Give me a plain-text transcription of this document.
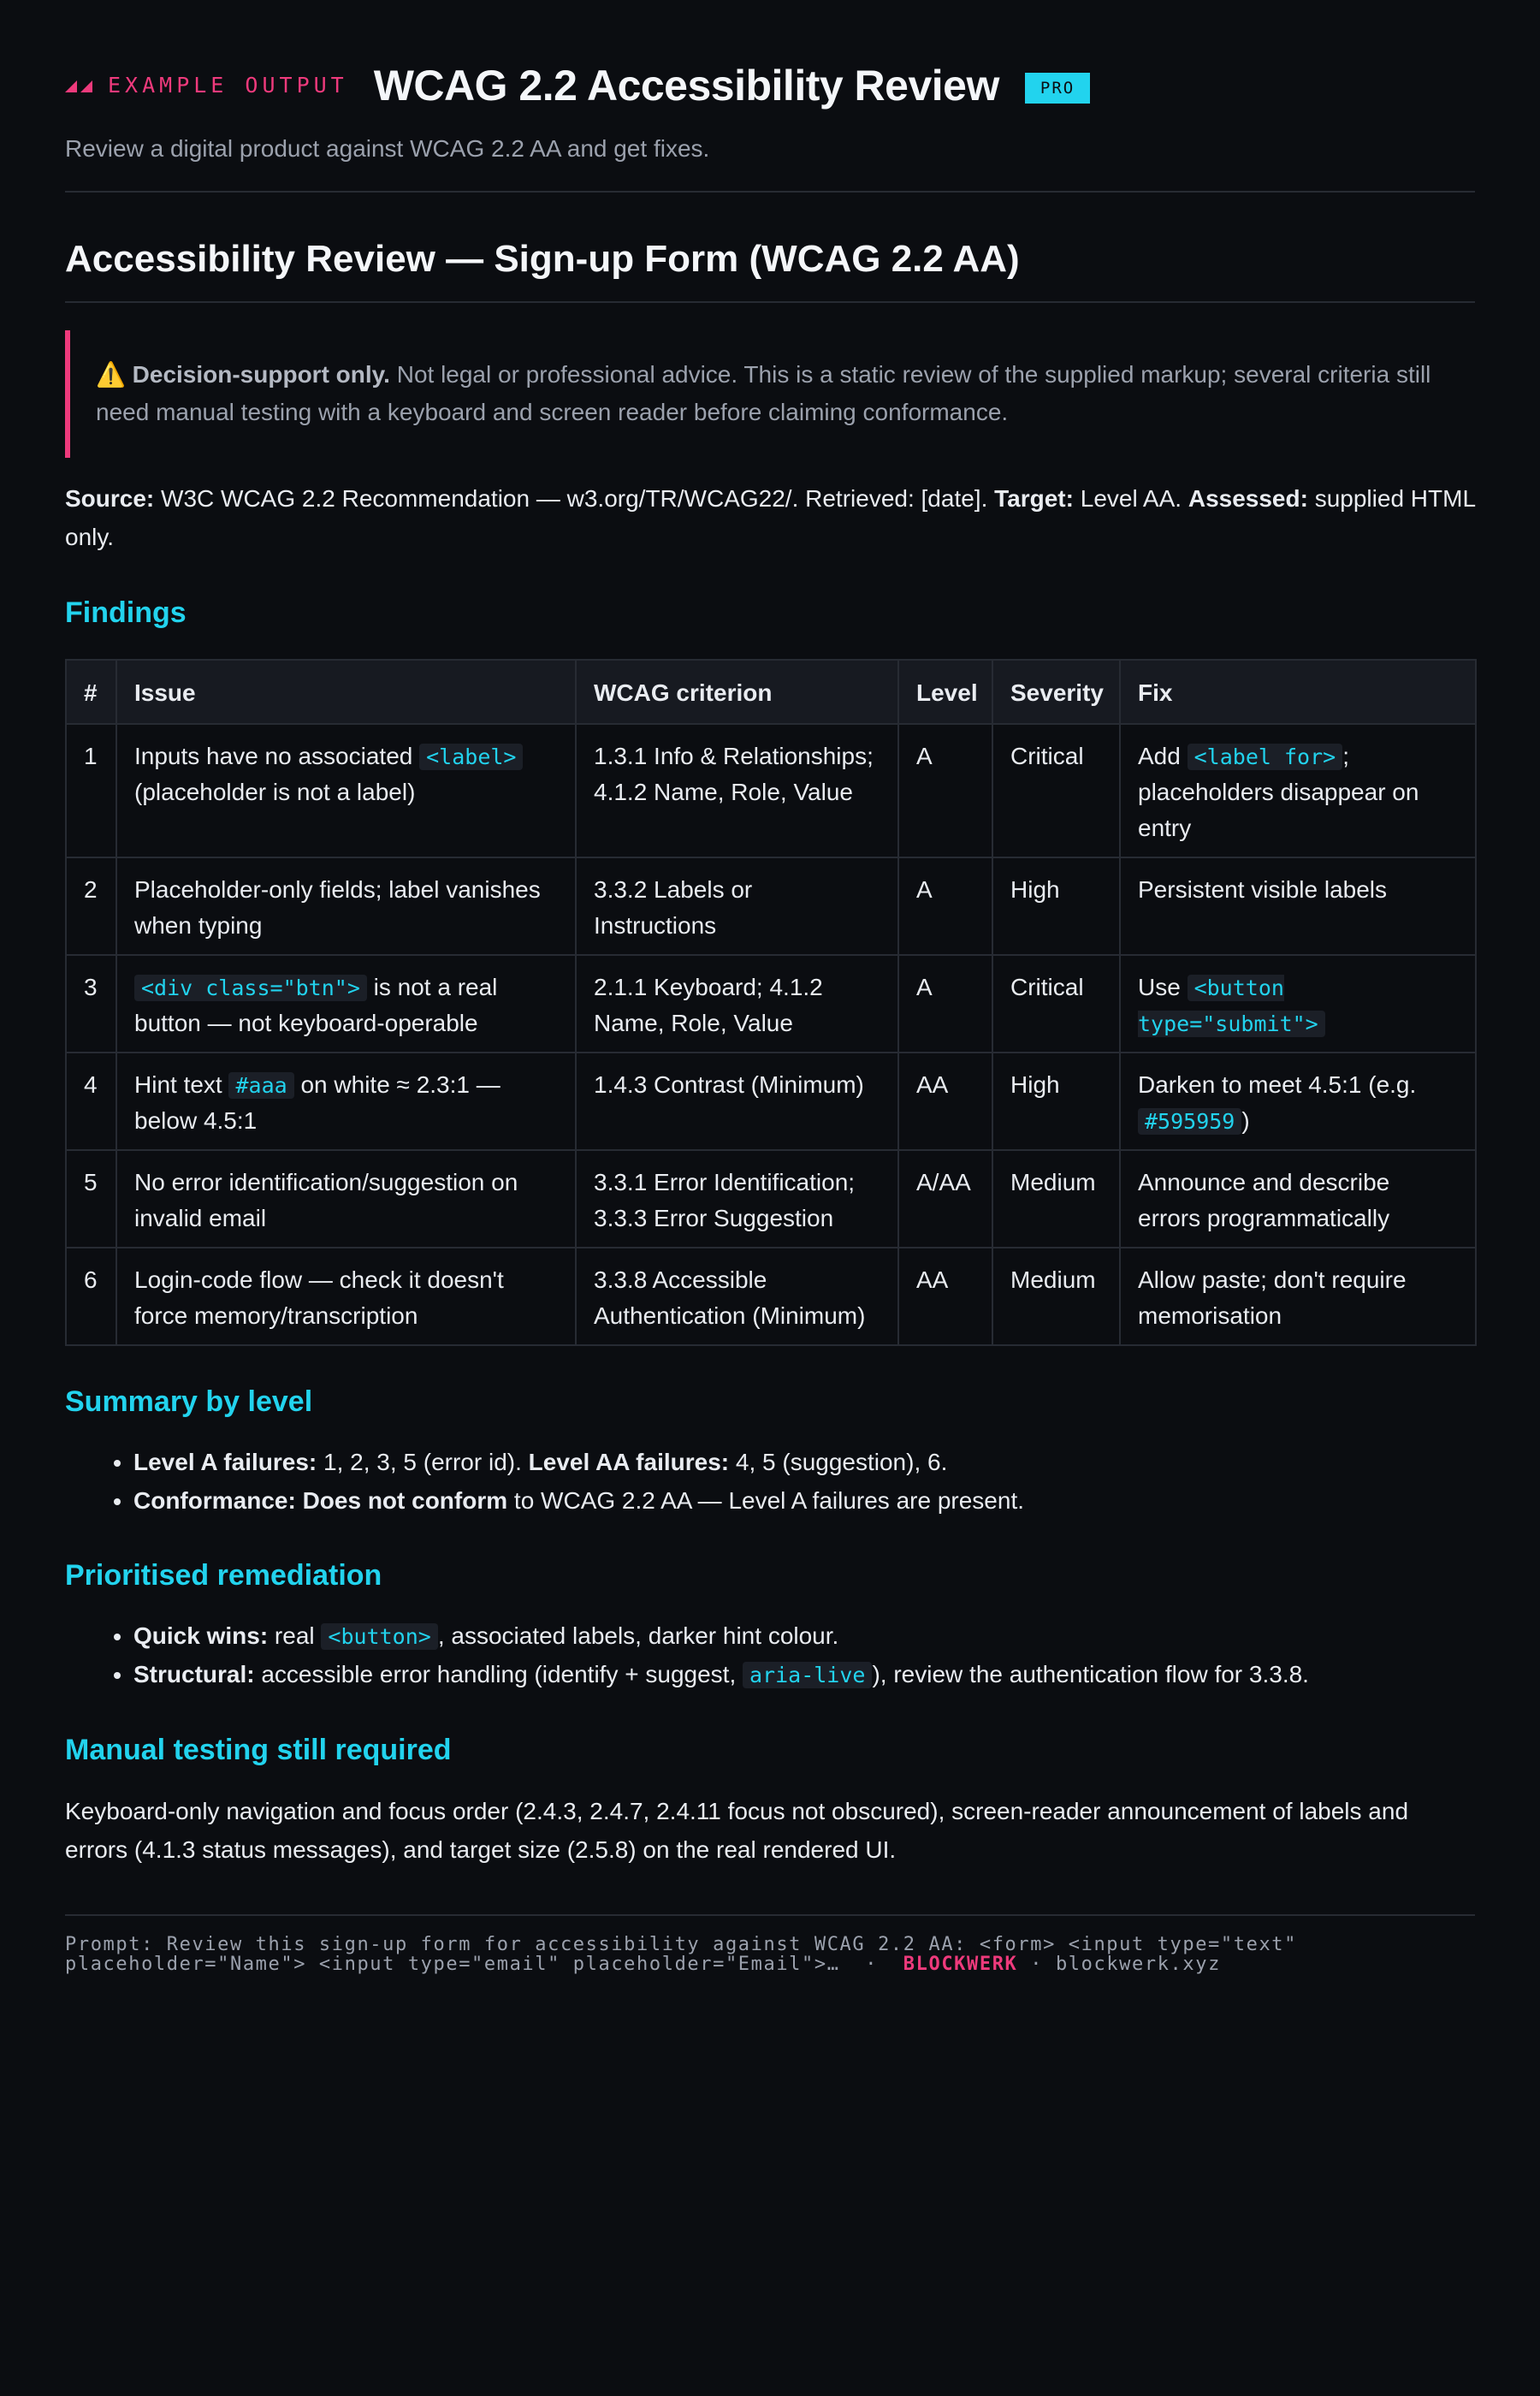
EXAMPLE OUTPUT WCAG 2.2 Accessibility Review	PRO
Review a digital product against WCAG 2.2 AA and get fixes.
Accessibility Review — Sign-up Form (WCAG 2.2 AA)
⚠️ Decision-support only. Not legal or professional advice. This is a static review of the supplied markup; several criteria still need manual testing with a keyboard and screen reader before claiming conformance.
Source: W3C WCAG 2.2 Recommendation — w3.org/TR/WCAG22/. Retrieved: [date]. Target: Level AA. Assessed: supplied HTML only.
Findings
#	Issue	WCAG criterion	Level	Severity	Fix
1	Inputs have no associated <label> (placeholder is not a label)	1.3.1 Info & Relationships; 4.1.2 Name, Role, Value	A	Critical	Add <label for> ; placeholders disappear on entry
2	Placeholder-only fields; label vanishes when typing	3.3.2 Labels or Instructions	A	High	Persistent visible labels
3	<div class="btn"> is not a real button — not keyboard-operable	2.1.1 Keyboard; 4.1.2 Name, Role, Value	A	Critical	Use <button type="submit">
4	Hint text #aaa on white ≈ 2.3:1 — below 4.5:1	1.4.3 Contrast (Minimum)	AA	High	Darken to meet 4.5:1 (e.g. #595959 )
5	No error identification/suggestion on invalid email	3.3.1 Error Identification; 3.3.3 Error Suggestion	A/AA	Medium	Announce and describe errors programmatically
6	Login-code flow — check it doesn't force memory/transcription	3.3.8 Accessible Authentication (Minimum)	AA	Medium	Allow paste; don't require memorisation
Summary by level
• Level A failures: 1, 2, 3, 5 (error id). Level AA failures: 4, 5 (suggestion), 6.
• Conformance: Does not conform to WCAG 2.2 AA — Level A failures are present.
Prioritised remediation
• Quick wins: real <button> , associated labels, darker hint colour.
• Structural: accessible error handling (identify + suggest, aria-live ), review the authentication flow for 3.3.8.
Manual testing still required
Keyboard-only navigation and focus order (2.4.3, 2.4.7, 2.4.11 focus not obscured), screen-reader announcement of labels and errors (4.1.3 status messages), and target size (2.5.8) on the real rendered UI.
Prompt: Review this sign-up form for accessibility against WCAG 2.2 AA: <form> <input type="text" placeholder="Name"> <input type="email" placeholder="Email">…  ·  BLOCKWERK · blockwerk.xyz
